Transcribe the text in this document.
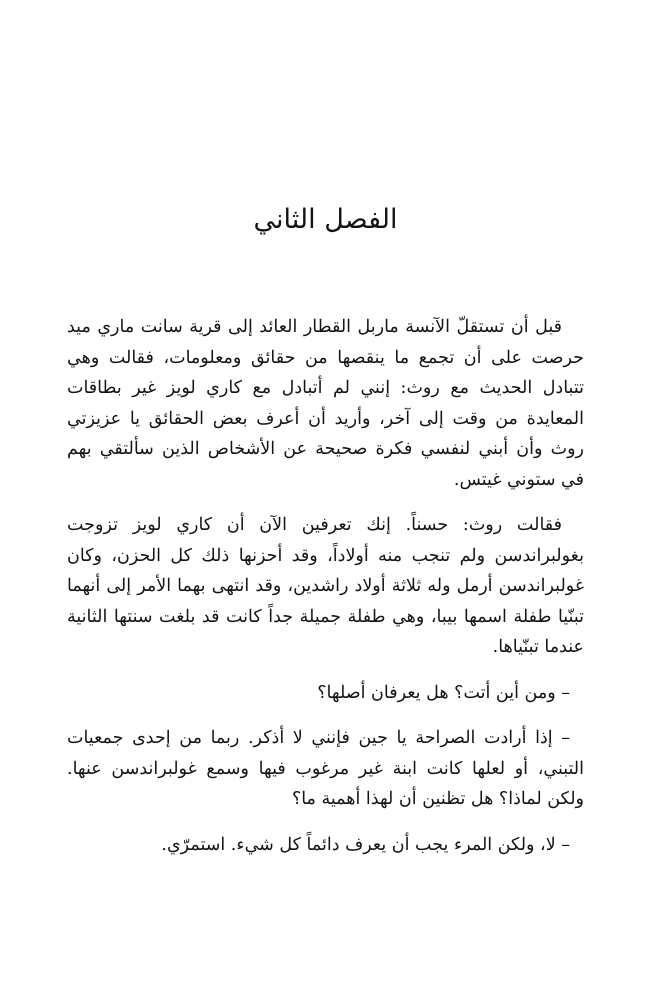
الفصل الثاني

قبل أن تستقلّ الآنسة ماربل القطار العائد إلى قرية سانت ماري ميد حرصت على أن تجمع ما ينقصها من حقائق ومعلومات، فقالت وهي تتبادل الحديث مع روث: إنني لم أتبادل مع كاري لويز غير بطاقات المعايدة من وقت إلى آخر، وأريد أن أعرف بعض الحقائق يا عزيزتي روث وأن أبني لنفسي فكرة صحيحة عن الأشخاص الذين سألتقي بهم في ستوني غيتس.

فقالت روث: حسناً. إنك تعرفين الآن أن كاري لويز تزوجت بغولبراندسن ولم تنجب منه أولاداً، وقد أحزنها ذلك كل الحزن، وكان غولبراندسن أرمل وله ثلاثة أولاد راشدين، وقد انتهى بهما الأمر إلى أنهما تبنّيا طفلة اسمها بيبا، وهي طفلة جميلة جداً كانت قد بلغت سنتها الثانية عندما تبنّياها.

– ومن أين أتت؟ هل يعرفان أصلها؟

– إذا أرادت الصراحة يا جين فإنني لا أذكر. ربما من إحدى جمعيات التبني، أو لعلها كانت ابنة غير مرغوب فيها وسمع غولبراندسن عنها. ولكن لماذا؟ هل تظنين أن لهذا أهمية ما؟

– لا، ولكن المرء يجب أن يعرف دائماً كل شيء. استمرّي.
